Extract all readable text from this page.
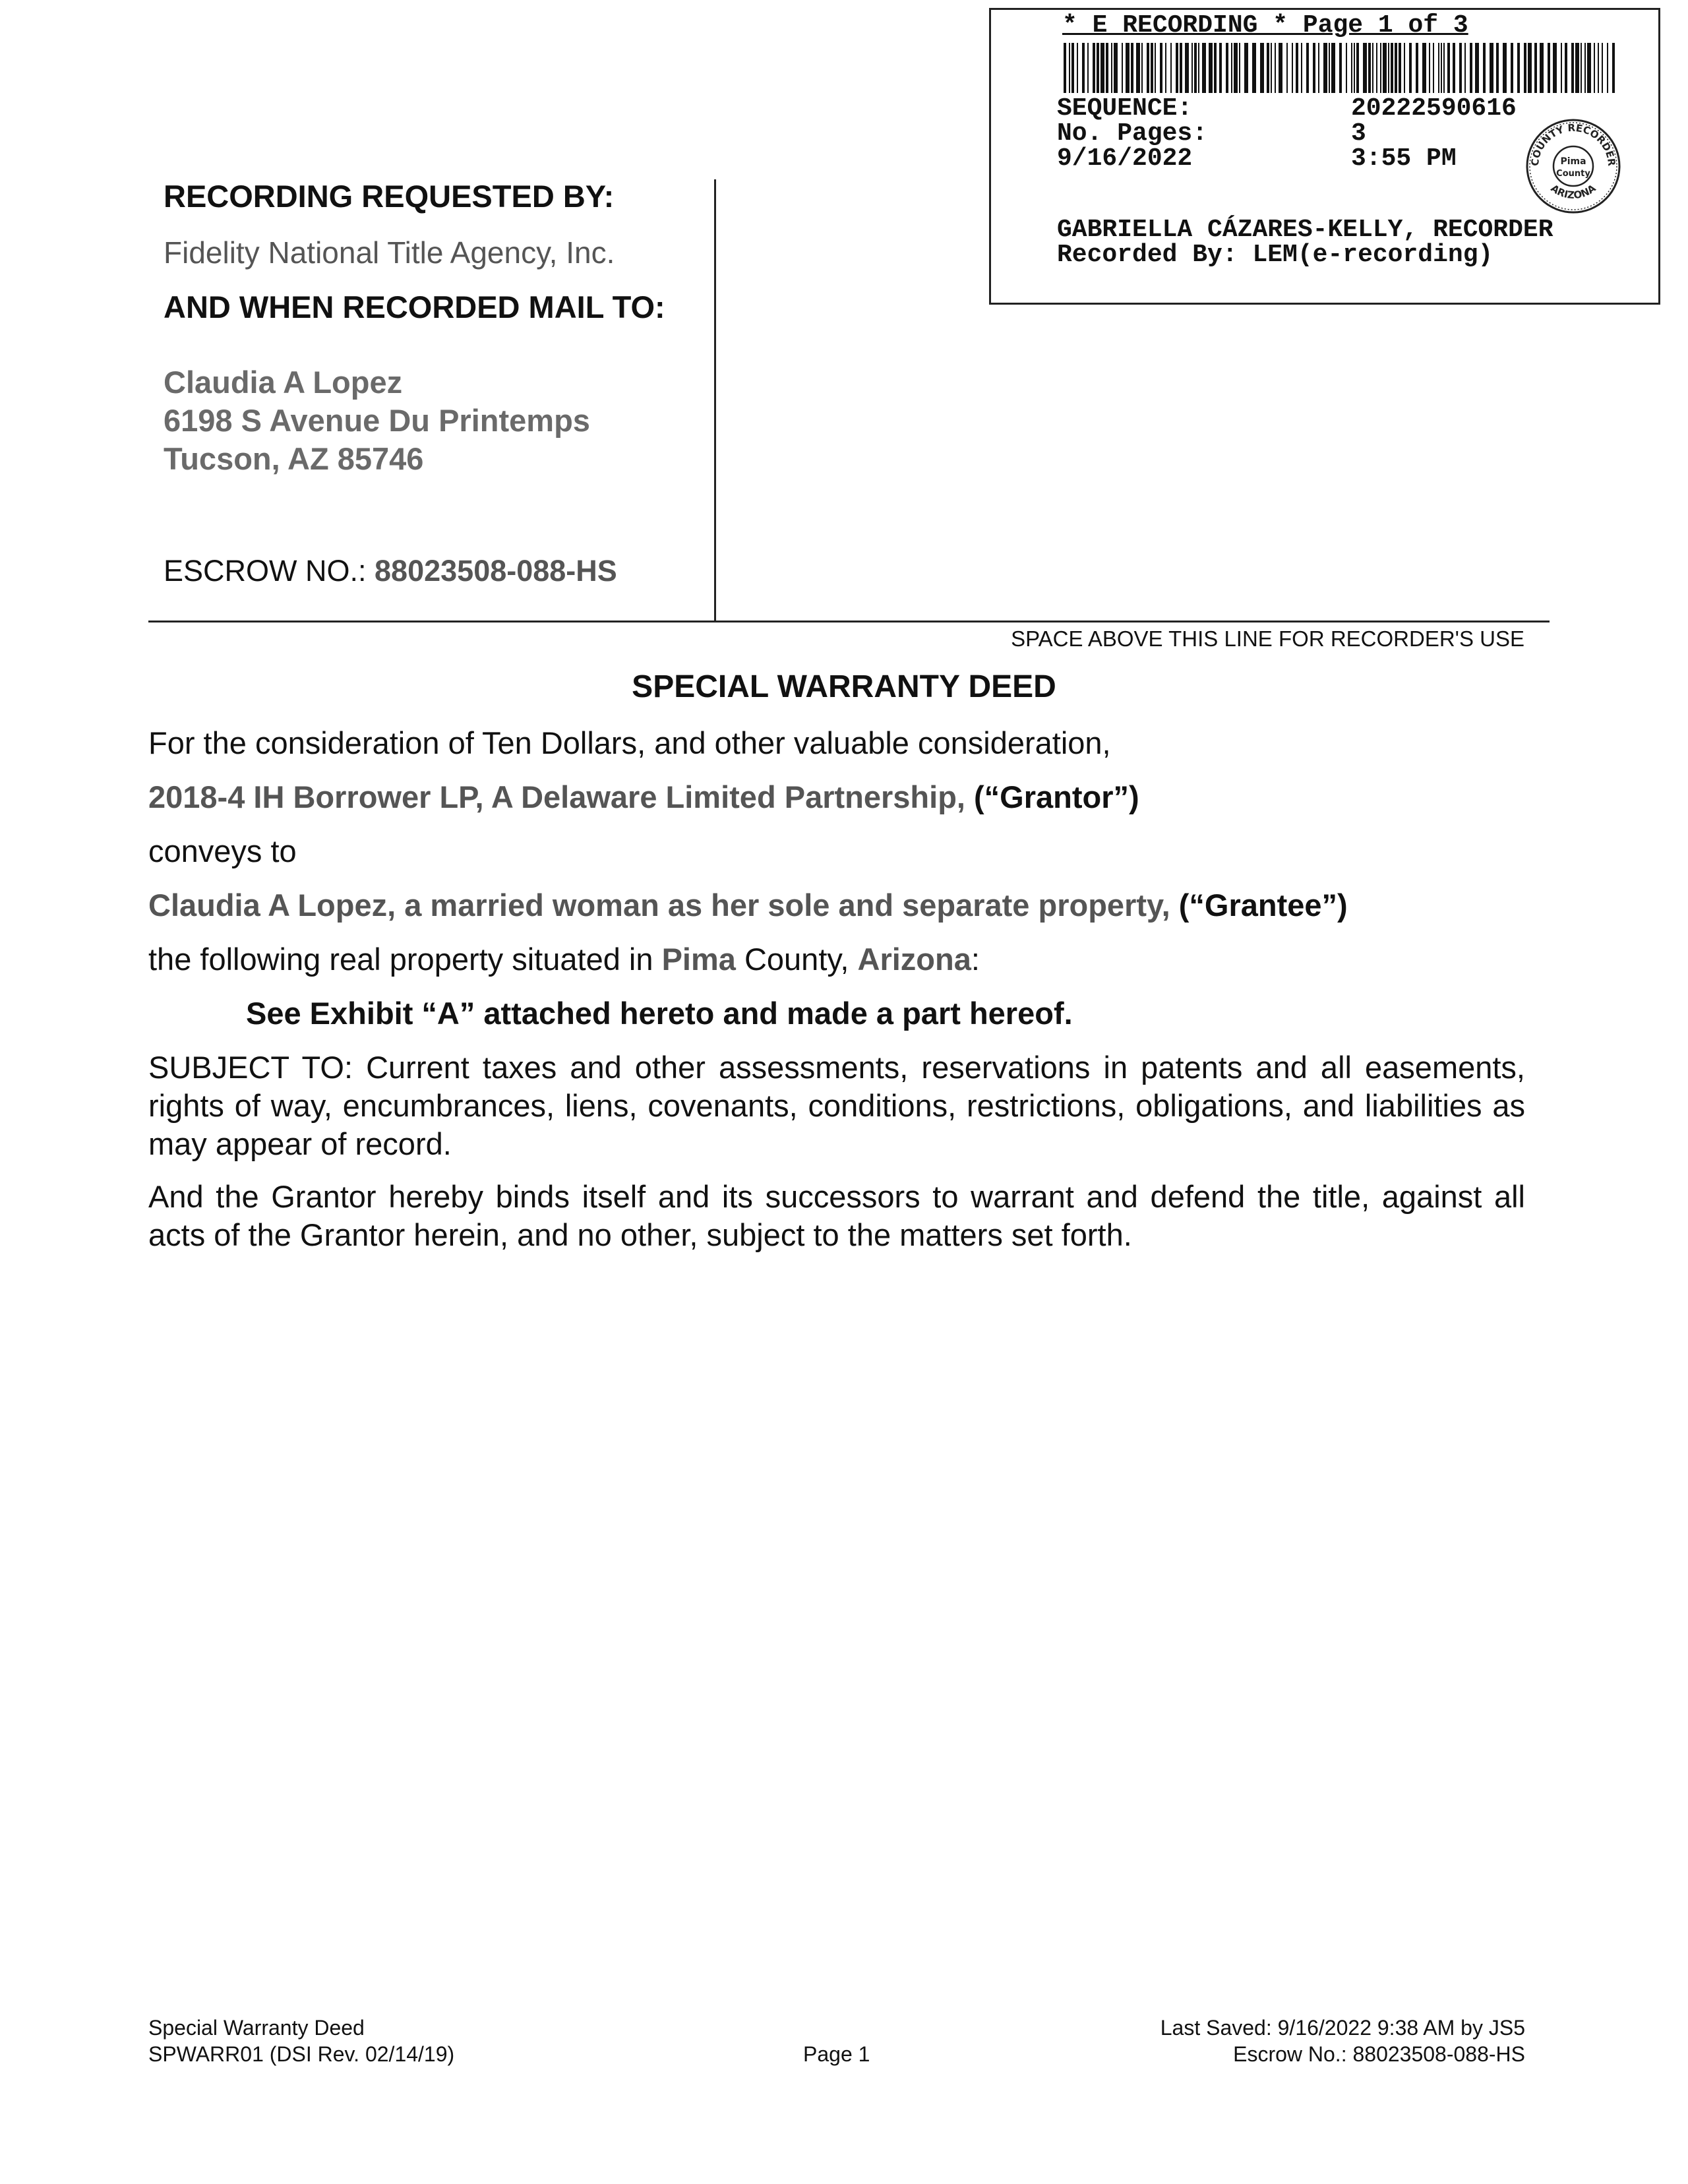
* E RECORDING * Page 1 of 3
SEQUENCE:	20222590616
No. Pages:	3
9/16/2022	3:55 PM	COUNTY RECORDER
ARIZONA
Pima
County
GABRIELLA CÁZARES-KELLY, RECORDER
Recorded By: LEM(e-recording)
RECORDING REQUESTED BY:
Fidelity National Title Agency, Inc.
AND WHEN RECORDED MAIL TO:
Claudia A Lopez
6198 S Avenue Du Printemps
Tucson, AZ 85746
ESCROW NO.: 88023508-088-HS
SPACE ABOVE THIS LINE FOR RECORDER'S USE
SPECIAL WARRANTY DEED
For the consideration of Ten Dollars, and other valuable consideration,
2018-4 IH Borrower LP, A Delaware Limited Partnership, (“Grantor”)
conveys to
Claudia A Lopez, a married woman as her sole and separate property, (“Grantee”)
the following real property situated in Pima County, Arizona:
See Exhibit “A” attached hereto and made a part hereof.
SUBJECT TO: Current taxes and other assessments, reservations in patents and all easements, rights of way, encumbrances, liens, covenants, conditions, restrictions, obligations, and liabilities as may appear of record.
And the Grantor hereby binds itself and its successors to warrant and defend the title, against all acts of the Grantor herein, and no other, subject to the matters set forth.
Special Warranty Deed
SPWARR01 (DSI Rev. 02/14/19)	Page 1
Last Saved: 9/16/2022 9:38 AM by JS5
Escrow No.: 88023508-088-HS
